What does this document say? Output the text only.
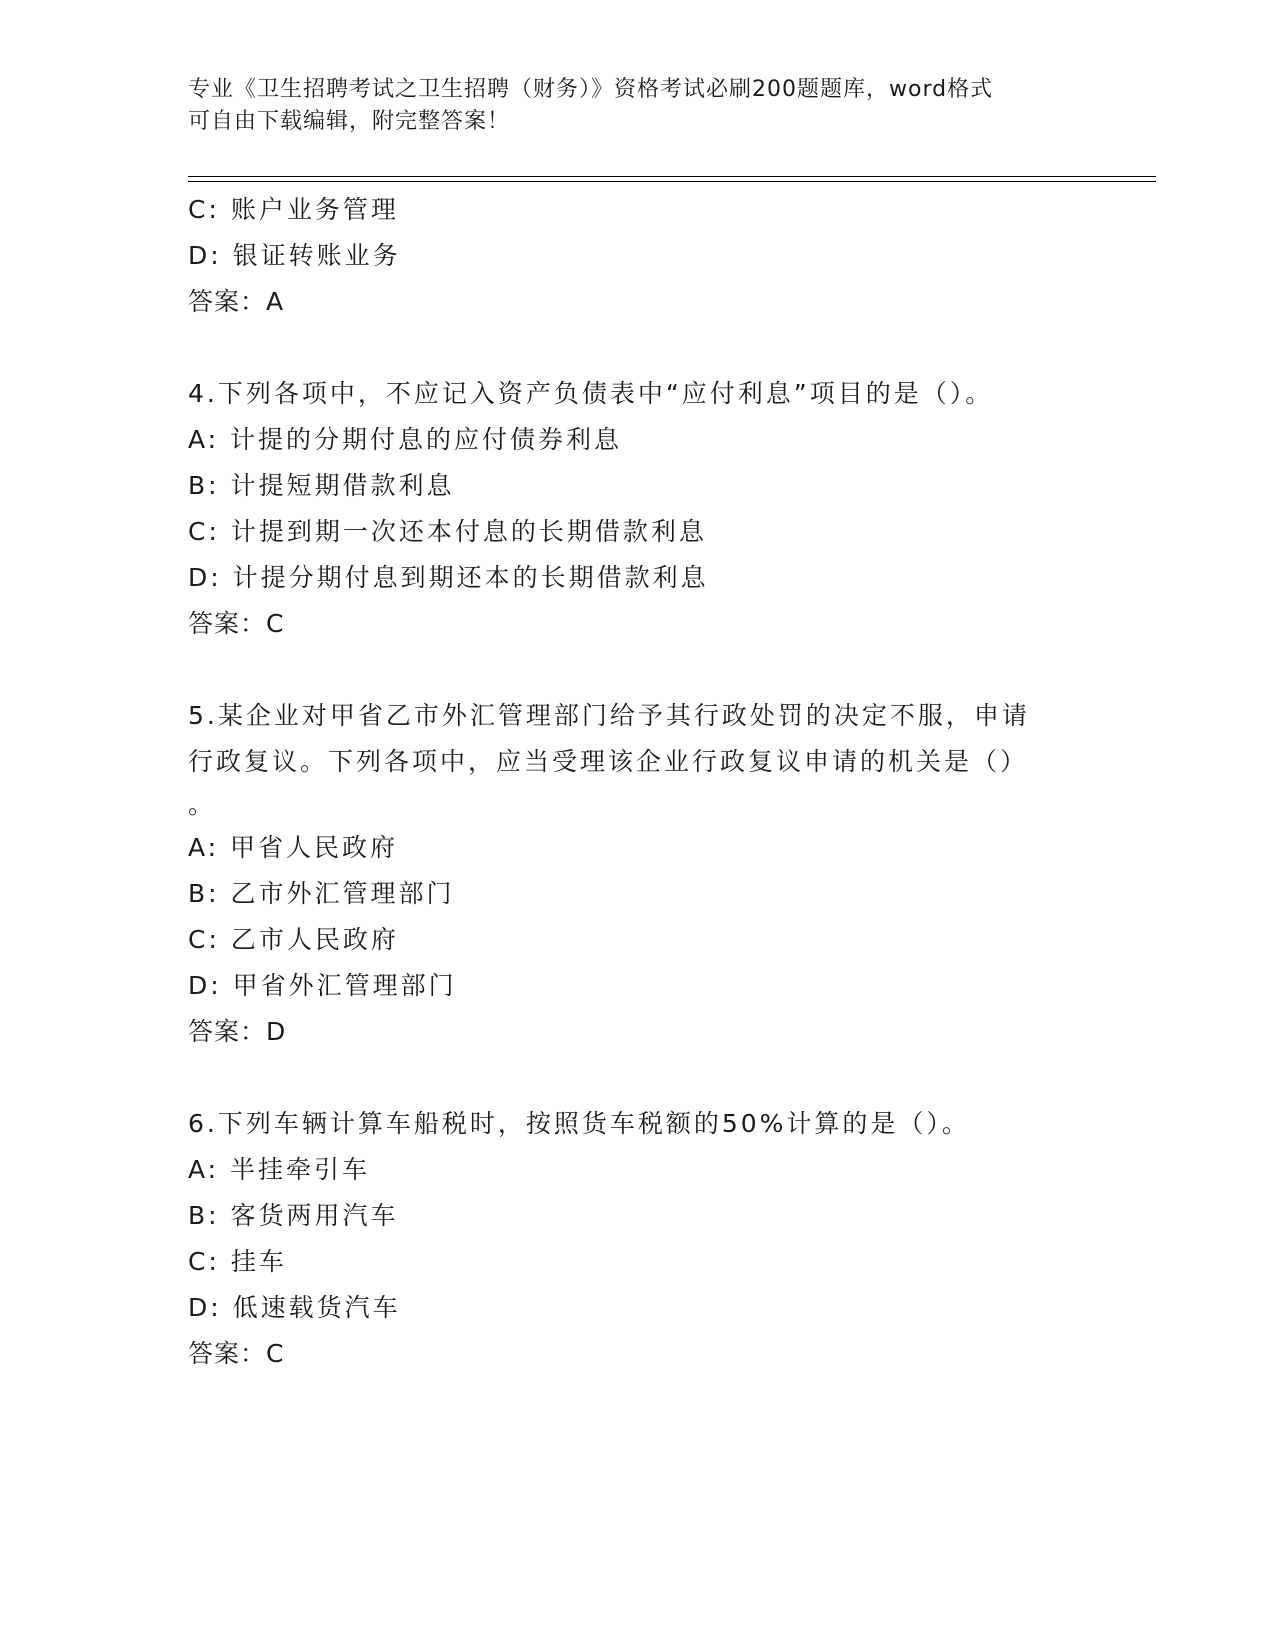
专业《卫生招聘考试之卫生招聘（财务）》资格考试必刷200题题库，word格式
可自由下载编辑，附完整答案！
C: 账户业务管理
D: 银证转账业务
答案：A
4.下列各项中，不应记入资产负债表中“应付利息”项目的是（）。
A: 计提的分期付息的应付债券利息
B: 计提短期借款利息
C: 计提到期一次还本付息的长期借款利息
D: 计提分期付息到期还本的长期借款利息
答案：C
5.某企业对甲省乙市外汇管理部门给予其行政处罚的决定不服，申请
行政复议。下列各项中，应当受理该企业行政复议申请的机关是（）
。
A: 甲省人民政府
B: 乙市外汇管理部门
C: 乙市人民政府
D: 甲省外汇管理部门
答案：D
6.下列车辆计算车船税时，按照货车税额的50%计算的是（）。
A: 半挂牵引车
B: 客货两用汽车
C: 挂车
D: 低速载货汽车
答案：C
